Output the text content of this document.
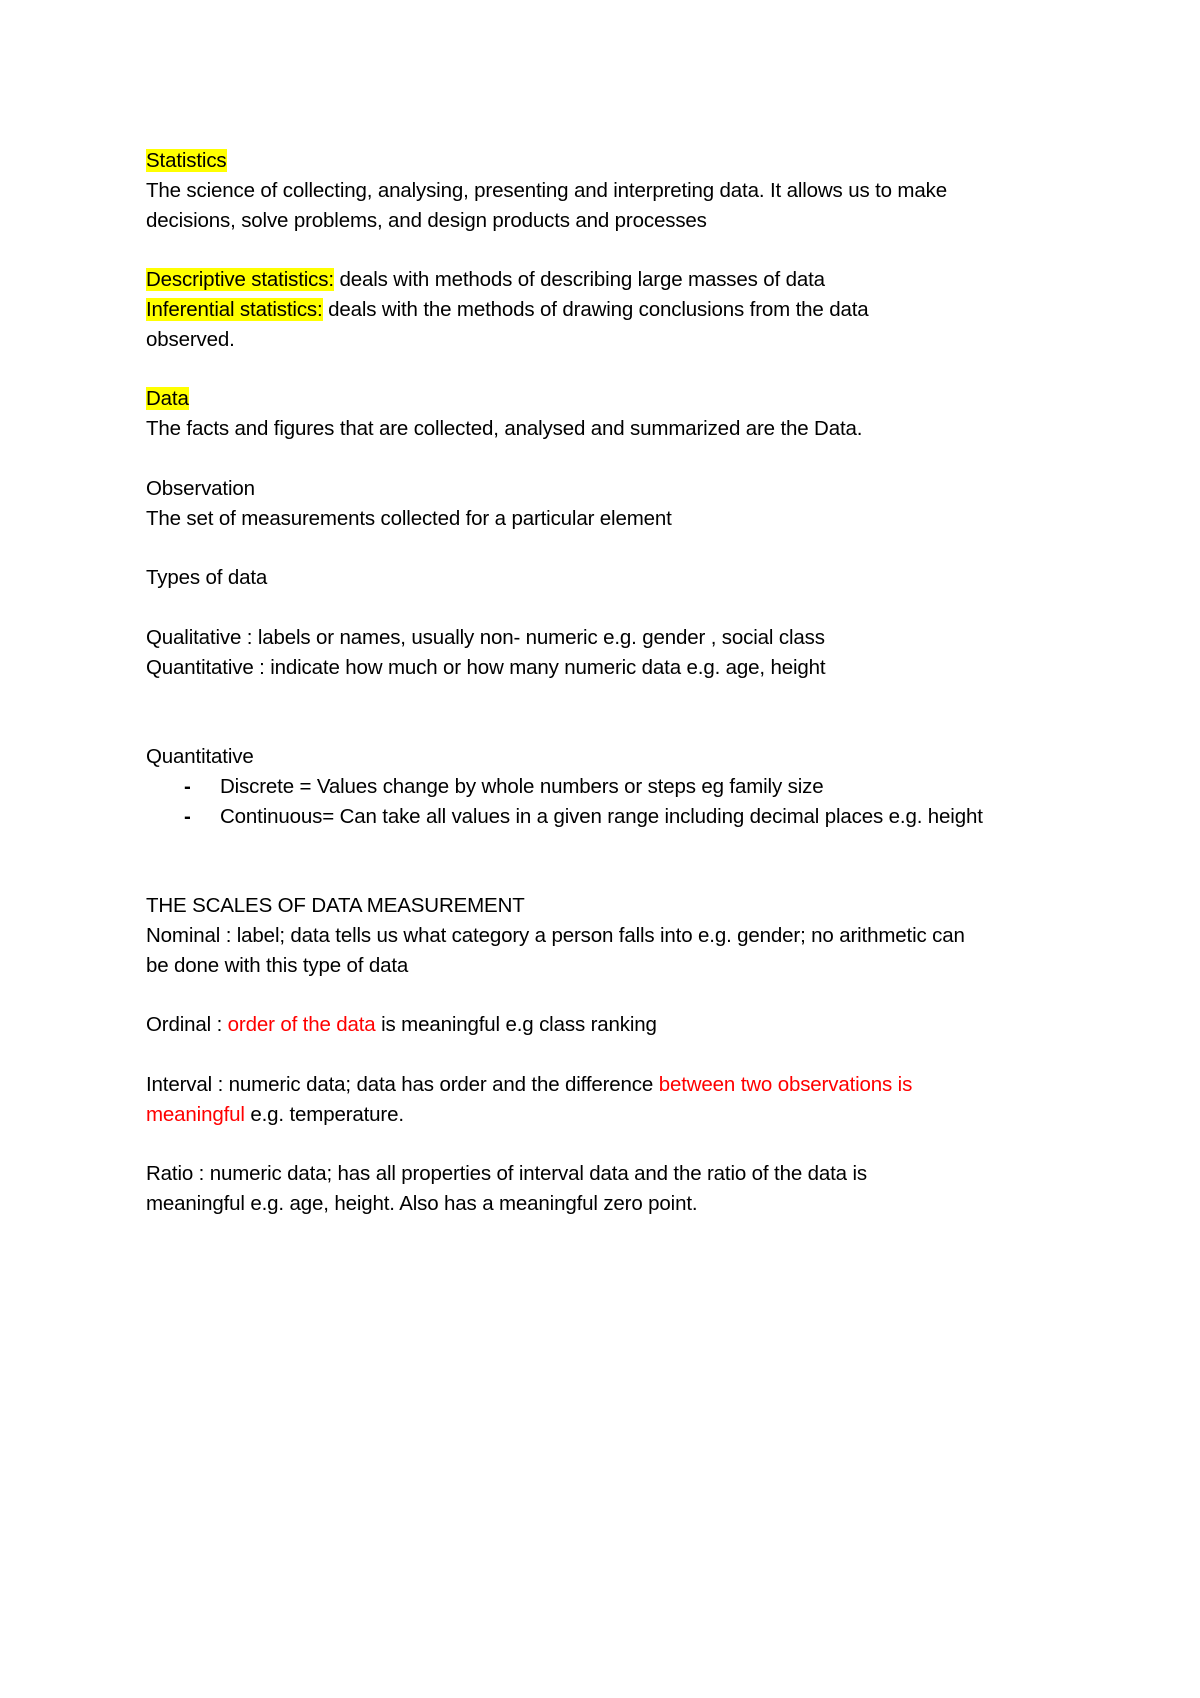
Statistics
The science of collecting, analysing, presenting and interpreting data. It allows us to make
decisions, solve problems, and design products and processes
Descriptive statistics: deals with methods of describing large masses of data
Inferential statistics: deals with the methods of drawing conclusions from the data
observed.
Data
The facts and figures that are collected, analysed and summarized are the Data.
Observation
The set of measurements collected for a particular element
Types of data
Qualitative : labels or names, usually non- numeric e.g. gender , social class
Quantitative : indicate how much or how many numeric data e.g. age, height
Quantitative
- Discrete = Values change by whole numbers or steps eg family size
- Continuous= Can take all values in a given range including decimal places e.g. height
THE SCALES OF DATA MEASUREMENT
Nominal : label; data tells us what category a person falls into e.g. gender; no arithmetic can
be done with this type of data
Ordinal : order of the data is meaningful e.g class ranking
Interval : numeric data; data has order and the difference between two observations is
meaningful e.g. temperature.
Ratio : numeric data; has all properties of interval data and the ratio of the data is
meaningful e.g. age, height. Also has a meaningful zero point.
